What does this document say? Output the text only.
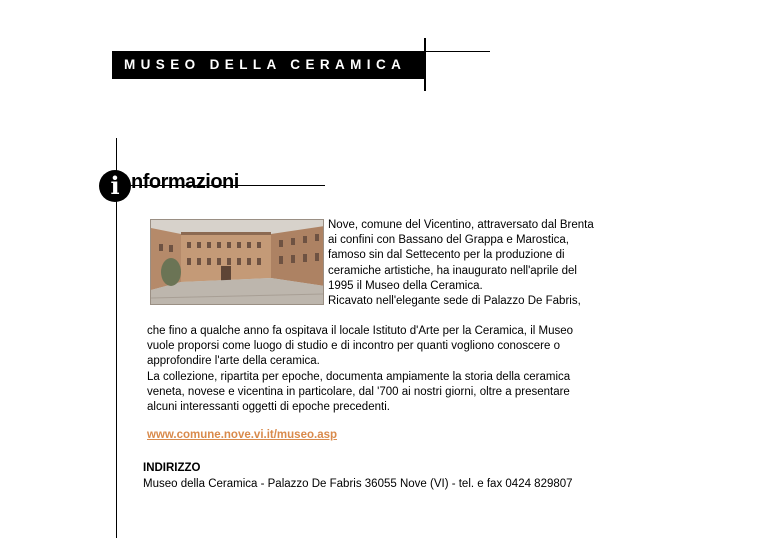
MUSEO DELLA CERAMICA
i nformazioni
Nove, comune del Vicentino, attraversato dal Brenta
ai confini con Bassano del Grappa e Marostica,
famoso sin dal Settecento per la produzione di
ceramiche artistiche, ha inaugurato nell'aprile del
1995 il Museo della Ceramica.
Ricavato nell'elegante sede di Palazzo De Fabris,
che fino a qualche anno fa ospitava il locale Istituto d'Arte per la Ceramica, il Museo
vuole proporsi come luogo di studio e di incontro per quanti vogliono conoscere o
approfondire l'arte della ceramica.
La collezione, ripartita per epoche, documenta ampiamente la storia della ceramica
veneta, novese e vicentina in particolare, dal '700 ai nostri giorni, oltre a presentare
alcuni interessanti oggetti di epoche precedenti.
www.comune.nove.vi.it/museo.asp
INDIRIZZO
Museo della Ceramica - Palazzo De Fabris 36055 Nove (VI) - tel. e fax 0424 829807
